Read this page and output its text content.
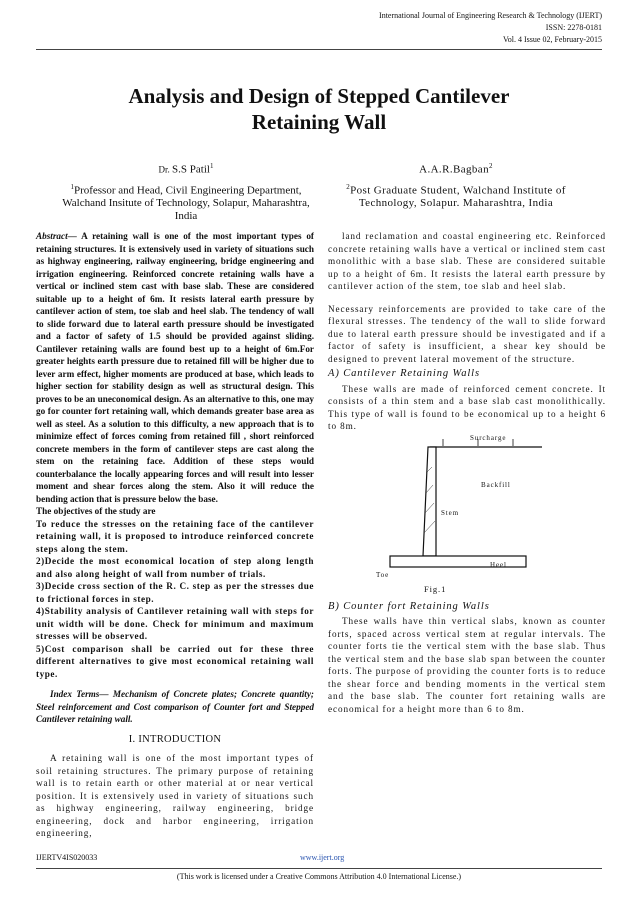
International Journal of Engineering Research & Technology (IJERT)
ISSN: 2278-0181
Vol. 4 Issue 02, February-2015
Analysis and Design of Stepped Cantilever
Retaining Wall
Dr. S.S Patil$^1$
$^1$Professor and Head, Civil Engineering Department, Walchand Insitute of Technology, Solapur, Maharashtra, India
A.A.R.Bagban$^2$
$^2$Post Graduate Student, Walchand Institute of Technology, Solapur. Maharashtra, India

Abstract— A retaining wall is one of the most important types of retaining structures. It is extensively used in variety of situations such as highway engineering, railway engineering, bridge engineering and irrigation engineering. Reinforced concrete retaining walls have a vertical or inclined stem cast with base slab. These are considered suitable up to a height of 6m. It resists lateral earth pressure by cantilever action of stem, toe slab and heel slab. The tendency of wall to slide forward due to lateral earth pressure should be investigated and a factor of safety of 1.5 should be provided against sliding. Cantilever retaining walls are found best up to a height of 6m.For greater heights earth pressure due to retained fill will be higher due to lever arm effect, higher moments are produced at base, which leads to higher section for stability design as well as structural design. This proves to be an uneconomical design. As an alternative to this, one may go for counter fort retaining wall, which demands greater base area as well as steel. As a solution to this difficulty, a new approach that is to minimize effect of forces coming from retained fill , short reinforced concrete members in the form of cantilever steps are cast along the stem on the retaining face. Addition of these steps would counterbalance the locally appearing forces and will result into lesser moment and shear forces along the stem. Also it will reduce the bending action that is pressure below the base.

The objectives of the study are

To reduce the stresses on the retaining face of the cantilever retaining wall, it is proposed to introduce reinforced concrete steps along the stem.

2)Decide the most economical location of step along length and also along height of wall from number of trials.

3)Decide cross section of the R. C. step as per the stresses due to frictional forces in step.

4)Stability analysis of Cantilever retaining wall with steps for unit width will be done. Check for minimum and maximum stresses will be observed.

5)Cost comparison shall be carried out for these three different alternatives to give most economical retaining wall type.

Index Terms— Mechanism of Concrete plates; Concrete quantity; Steel reinforcement and Cost comparison of Counter fort and Stepped Cantilever retaining wall.

I. INTRODUCTION

A retaining wall is one of the most important types of soil retaining structures. The primary purpose of retaining wall is to retain earth or other material at or near vertical position. It is extensively used in variety of situations such as highway engineering, railway engineering, bridge engineering, dock and harbor engineering, irrigation engineering,

land reclamation and coastal engineering etc. Reinforced concrete retaining walls have a vertical or inclined stem cast monolithic with a base slab. These are considered suitable up to a height of 6m. It resists the lateral earth pressure by cantilever action of the stem, toe slab and heel slab.

Necessary reinforcements are provided to take care of the flexural stresses. The tendency of the wall to slide forward due to lateral earth pressure should be investigated and if a factor of safety is insufficient, a shear key should be designed to prevent lateral movement of the structure.

A) Cantilever Retaining Walls

These walls are made of reinforced cement concrete. It consists of a thin stem and a base slab cast monolithically. This type of wall is found to be economical up to a height 6 to 8m.

Surcharge
Backfill
Stem
Heel
Toe
Fig.1
B) Counter fort Retaining Walls

These walls have thin vertical slabs, known as counter forts, spaced across vertical stem at regular intervals. The counter forts tie the vertical stem with the base slab. Thus the vertical stem and the base slab span between the counter forts. The purpose of providing the counter forts is to reduce the shear force and bending moments in the vertical stem and the base slab. The counter fort retaining walls are economical for a height more than 6 to 8m.

IJERTV4IS020033	www.ijert.org
(This work is licensed under a Creative Commons Attribution 4.0 International License.)
